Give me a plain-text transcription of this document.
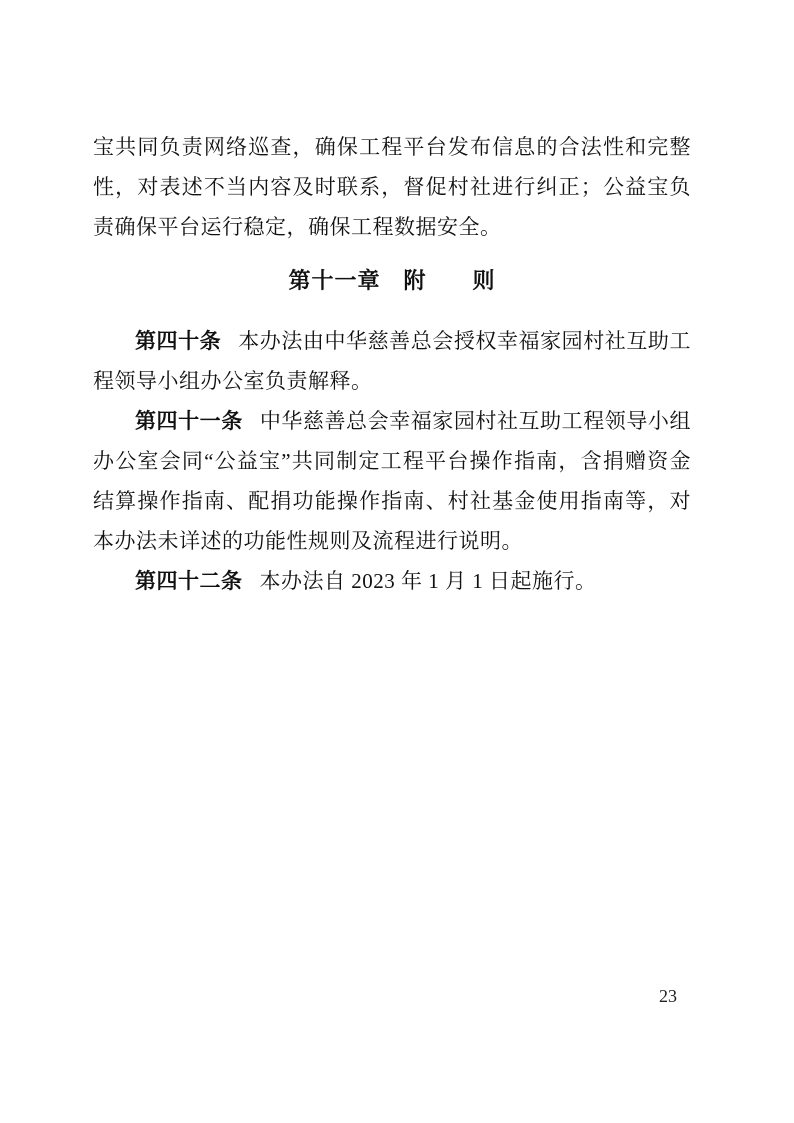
宝共同负责网络巡查，确保工程平台发布信息的合法性和完整性，对表述不当内容及时联系，督促村社进行纠正；公益宝负责确保平台运行稳定，确保工程数据安全。

第十一章　附　　则

第四十条 本办法由中华慈善总会授权幸福家园村社互助工程领导小组办公室负责解释。

第四十一条 中华慈善总会幸福家园村社互助工程领导小组办公室会同“公益宝”共同制定工程平台操作指南，含捐赠资金结算操作指南、配捐功能操作指南、村社基金使用指南等，对本办法未详述的功能性规则及流程进行说明。

第四十二条 本办法自 2023 年 1 月 1 日起施行。

23
